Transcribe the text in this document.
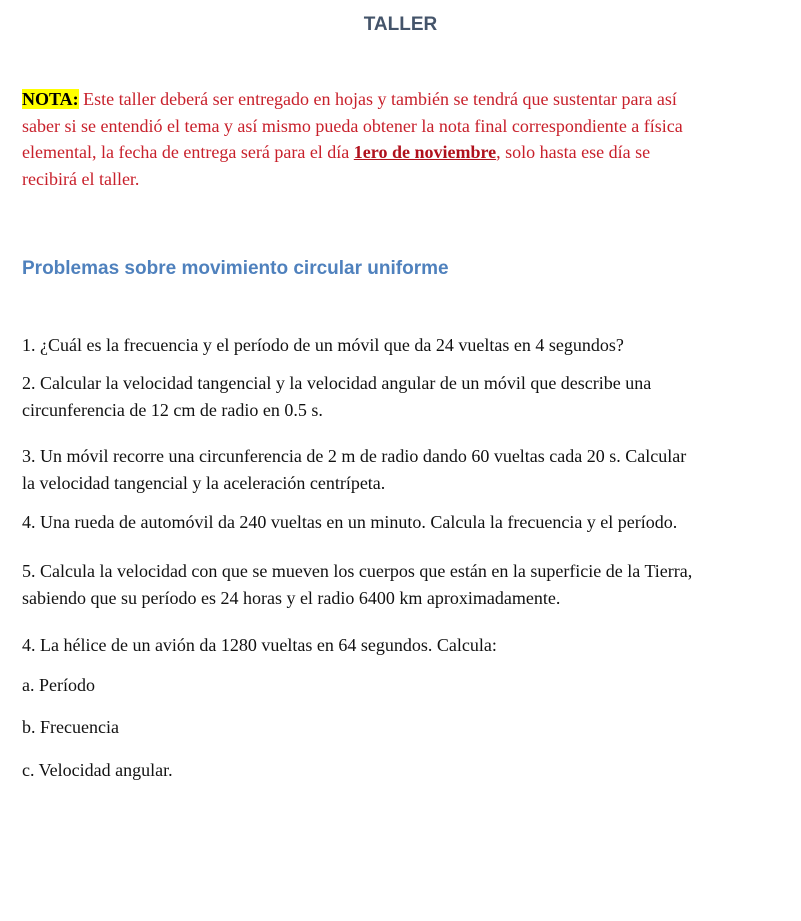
TALLER
NOTA: Este taller deberá ser entregado en hojas y también se tendrá que sustentar para así
saber si se entendió el tema y así mismo pueda obtener la nota final correspondiente a física
elemental, la fecha de entrega será para el día 1ero de noviembre, solo hasta ese día se
recibirá el taller.
Problemas sobre movimiento circular uniforme
1. ¿Cuál es la frecuencia y el período de un móvil que da 24 vueltas en 4 segundos?
2. Calcular la velocidad tangencial y la velocidad angular de un móvil que describe una
circunferencia de 12 cm de radio en 0.5 s.
3. Un móvil recorre una circunferencia de 2 m de radio dando 60 vueltas cada 20 s. Calcular
la velocidad tangencial y la aceleración centrípeta.
4. Una rueda de automóvil da 240 vueltas en un minuto. Calcula la frecuencia y el período.
5. Calcula la velocidad con que se mueven los cuerpos que están en la superficie de la Tierra,
sabiendo que su período es 24 horas y el radio 6400 km aproximadamente.
4. La hélice de un avión da 1280 vueltas en 64 segundos. Calcula:
a. Período
b. Frecuencia
c. Velocidad angular.
